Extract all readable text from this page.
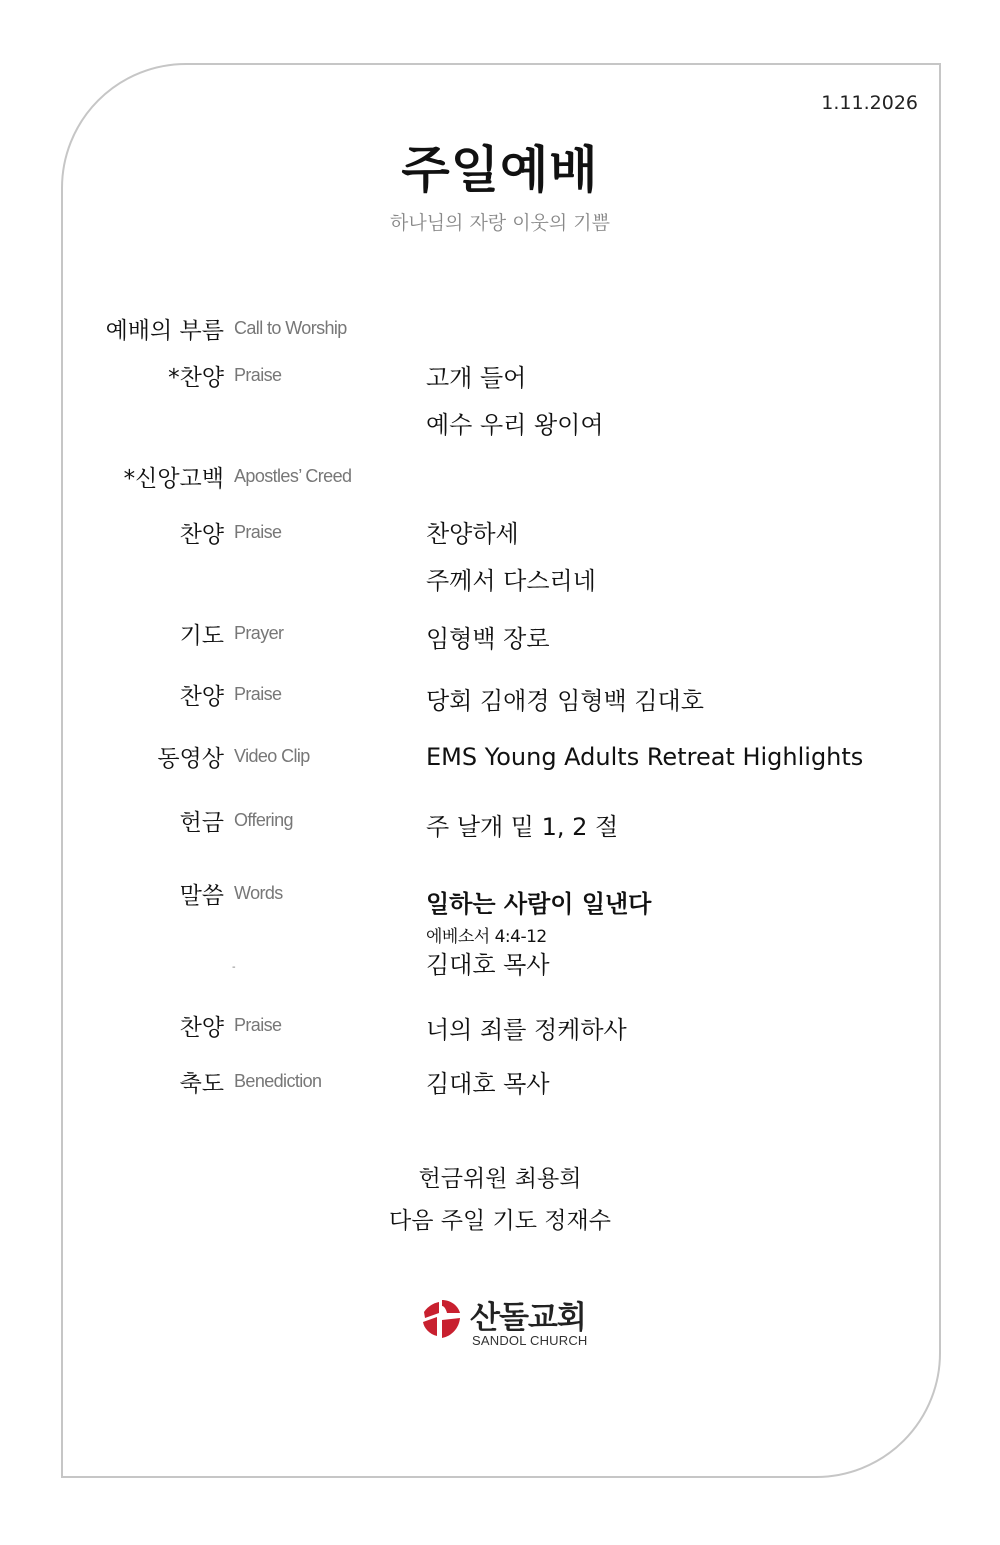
1.11.2026
주일예배
하나님의 자랑 이웃의 기쁨
예배의 부름 Call to Worship
*찬양 Praise	고개 들어
예수 우리 왕이여
*신앙고백 Apostles’ Creed
찬양 Praise	찬양하세
주께서 다스리네
기도 Prayer	임형백 장로
찬양 Praise	당회 김애경 임형백 김대호
동영상 Video Clip	EMS Young Adults Retreat Highlights
헌금 Offering	주 날개 밑 1, 2 절
말씀 Words	일하는 사람이 일낸다
에베소서 4:4-12
김대호 목사
-
찬양 Praise	너의 죄를 정케하사
축도 Benediction	김대호 목사
헌금위원 최용희
다음 주일 기도 정재수
산돌교회
SANDOL CHURCH
